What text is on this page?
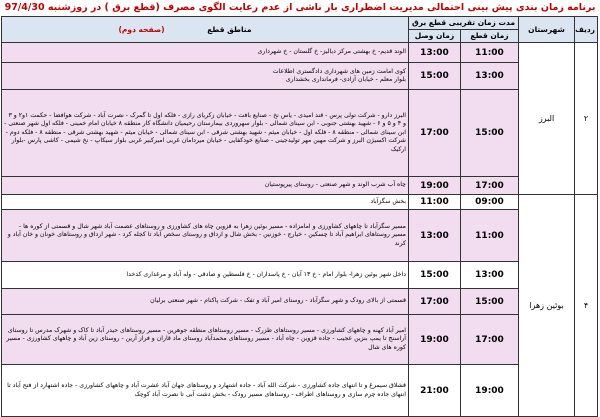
برنامه زمان بندی پیش بینی احتمالی مدیریت اضطراری بار ناشی از عدم رعایت الگوی مصرف (قطع برق ) در روزشنبه 97/4/30
ردیف	شهرستان	مدت زمان تقریبی قطع برق		مناطق قطع (صفحه دوم)
		زمان قطع	زمان وصل	
۲	البرز	11:00	13:00	الوند قدیم- خ بهشتی مرکز دیالیز- خ گلستان - خ شهرداری

		13:00	15:00	کوی امامت زمین های شهرداری دادگستری اطلاعات
بلوار معلم - خیابان آزادی- فرمانداری بخشداری

		15:00	17:00	البرز دارو - شرکت تولی پرس - قند امیدی - یاس نخ - صنایع بافت - خیابان زکریای رازی - فلکه اول تا گمرک - نصرت آباد - شرکت هوافضا - حکمت ۱و۲ و ۳ و ۴ و ۵ و ۶ - شهید بهشتی جنوبی - ابن سینای شمالی - بلوار سهروردی بیمارستان رحیمیان دانشگاه کار منطقه ۸ خیابان امام خمینی - فلکه اول شهر صنعتی - ابن سینای شمالی - منطقه ۸ - فلکه اول - خیابان میثم - شهید بهشتی شرقی - ابن سینای شمالی - خیابان میثم - شهید بهشتی شرقی - منطقه ۸ - فلکه دوم - شرکت اکسیژن البرز و شرکت مهین مهر تولیدجینی - صنایع خودکفایی - خیابان میردامان غربی امیرکبیر غربی بلوار سیکاپ - نخ شیمی - کاشی پارس -بلوار ارکیک

		17:00	19:00	چاه آب شرب الوند و شهر صنعتی - روستای پیرپوستیان

۴	بوئین زهرا	09:00	11:00	بخش سگزآباد

		11:00	13:00	مسیر سگزآباد تا چاههای کشاورزی و امامزاده - مسیر بوئین زهرا به قزوین چاه های کشاورزی و روستاهای عصمت آباد شهر شال و قسمتی از کوره ها - مسیر روستاهای ابراهیم آباد تا چسکین - خیارج - خوزنین - بخش شال و ارداق و روستای سخص آباد تا کجله کرد - شهر ارداق و روستاهای خونان و خان آباد و کرند

		13:00	15:00	داخل شهر بوئین زهرا- بلوار امام - خ ۱۳ آبان - خ پاسداران - خ فلسطین و صادقی - وله آباد و مرغداری کدخدا

		15:00	17:00	قسمتی از بالای رودک و شهر سگزآباد - روستای امیر آباد و تفک - شرکت پاکنام - شهر صنعتی برلیان

		17:00	19:00	امیر آباد کهنه و چاههای کشاورزی - مسیر روستاهای طزرک - مسیر روستاهای منطقه جوهرین - مسیر روستاهای حیدر آباد تا کاک و شهرک مدرس تا روستای آراسنج تا یمپ بنزین عجیب - جاده قزوین - چاه آباد - مسیر روستاهای محمدآباد روستای ماد قاران و فراز آرین - روستای زین آباد و چاههای کشاورزی - مسیر کوره های شال

		19:00	21:00	قشلاق سیمرغ و تا انتهای جاده کشاورزی - شرکت الله آباد - جاده اشتهارد و روستاهای جهان آباد عشرت آباد و چاههای کشاورزی - جاده اشتهارد از فتح آباد تا انتهای جاده چرم سازی و روستاهای اطراف - روستاهای مسیر رودک - بخش دشت آبی تا نصرت آباد کوچک
